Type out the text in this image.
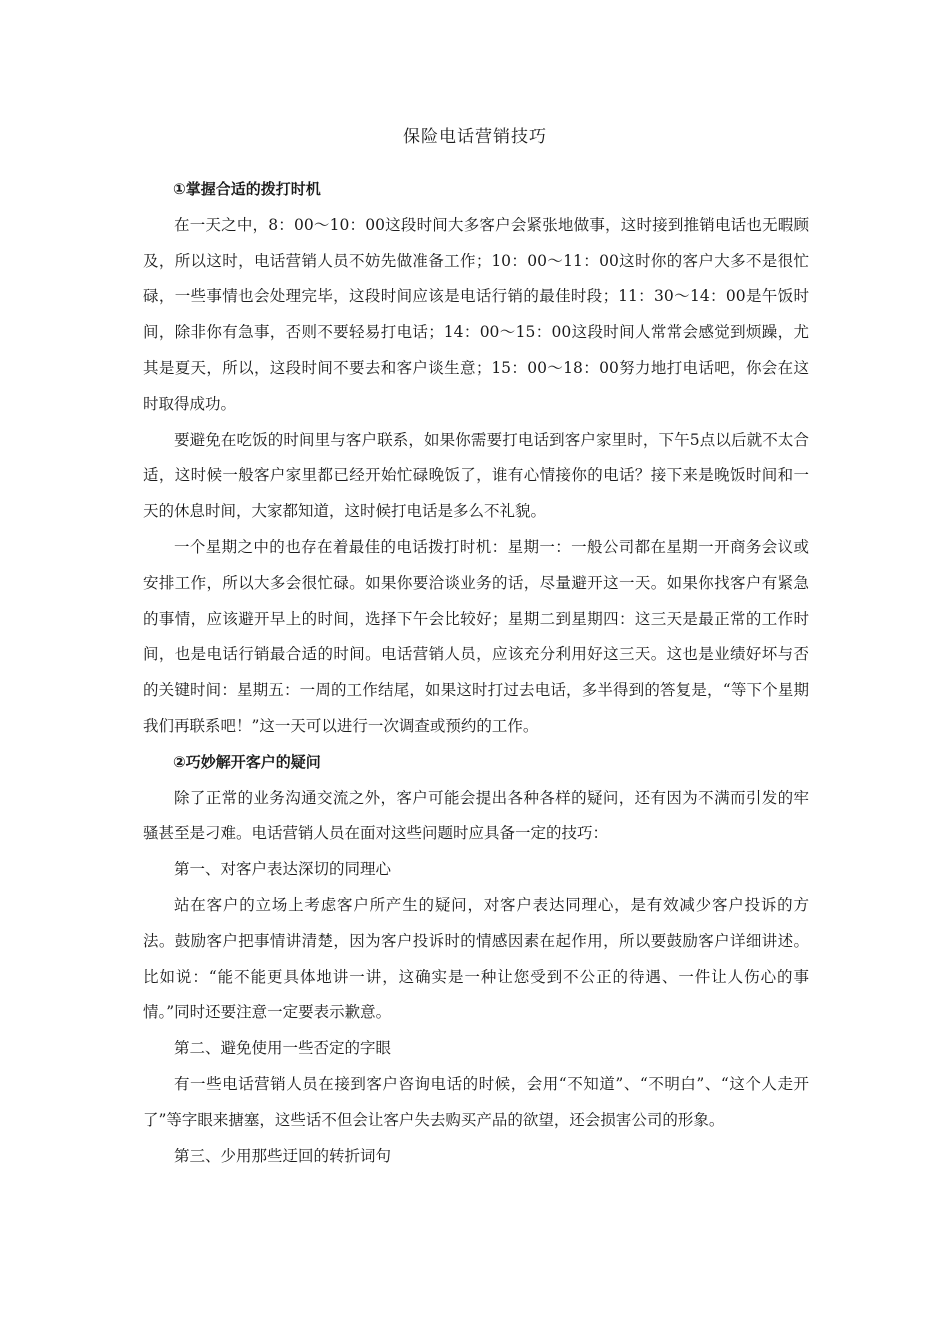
保险电话营销技巧

①掌握合适的拨打时机

在一天之中，8：00～10：00这段时间大多客户会紧张地做事，这时接到推销电话也无暇顾及，所以这时，电话营销人员不妨先做准备工作；10：00～11：00这时你的客户大多不是很忙碌，一些事情也会处理完毕，这段时间应该是电话行销的最佳时段；11：30～14：00是午饭时间，除非你有急事，否则不要轻易打电话；14：00～15：00这段时间人常常会感觉到烦躁，尤其是夏天，所以，这段时间不要去和客户谈生意；15：00～18：00努力地打电话吧，你会在这时取得成功。

要避免在吃饭的时间里与客户联系，如果你需要打电话到客户家里时，下午5点以后就不太合适，这时候一般客户家里都已经开始忙碌晚饭了，谁有心情接你的电话？接下来是晚饭时间和一天的休息时间，大家都知道，这时候打电话是多么不礼貌。

一个星期之中的也存在着最佳的电话拨打时机：星期一：一般公司都在星期一开商务会议或安排工作，所以大多会很忙碌。如果你要洽谈业务的话，尽量避开这一天。如果你找客户有紧急的事情，应该避开早上的时间，选择下午会比较好；星期二到星期四：这三天是最正常的工作时间，也是电话行销最合适的时间。电话营销人员，应该充分利用好这三天。这也是业绩好坏与否的关键时间：星期五：一周的工作结尾，如果这时打过去电话，多半得到的答复是，“等下个星期我们再联系吧！”这一天可以进行一次调查或预约的工作。

②巧妙解开客户的疑问

除了正常的业务沟通交流之外，客户可能会提出各种各样的疑问，还有因为不满而引发的牢骚甚至是刁难。电话营销人员在面对这些问题时应具备一定的技巧：

第一、对客户表达深切的同理心

站在客户的立场上考虑客户所产生的疑问，对客户表达同理心，是有效减少客户投诉的方法。鼓励客户把事情讲清楚，因为客户投诉时的情感因素在起作用，所以要鼓励客户详细讲述。比如说：“能不能更具体地讲一讲，这确实是一种让您受到不公正的待遇、一件让人伤心的事情。”同时还要注意一定要表示歉意。

第二、避免使用一些否定的字眼

有一些电话营销人员在接到客户咨询电话的时候，会用“不知道”、“不明白”、“这个人走开了”等字眼来搪塞，这些话不但会让客户失去购买产品的欲望，还会损害公司的形象。

第三、少用那些迂回的转折词句
